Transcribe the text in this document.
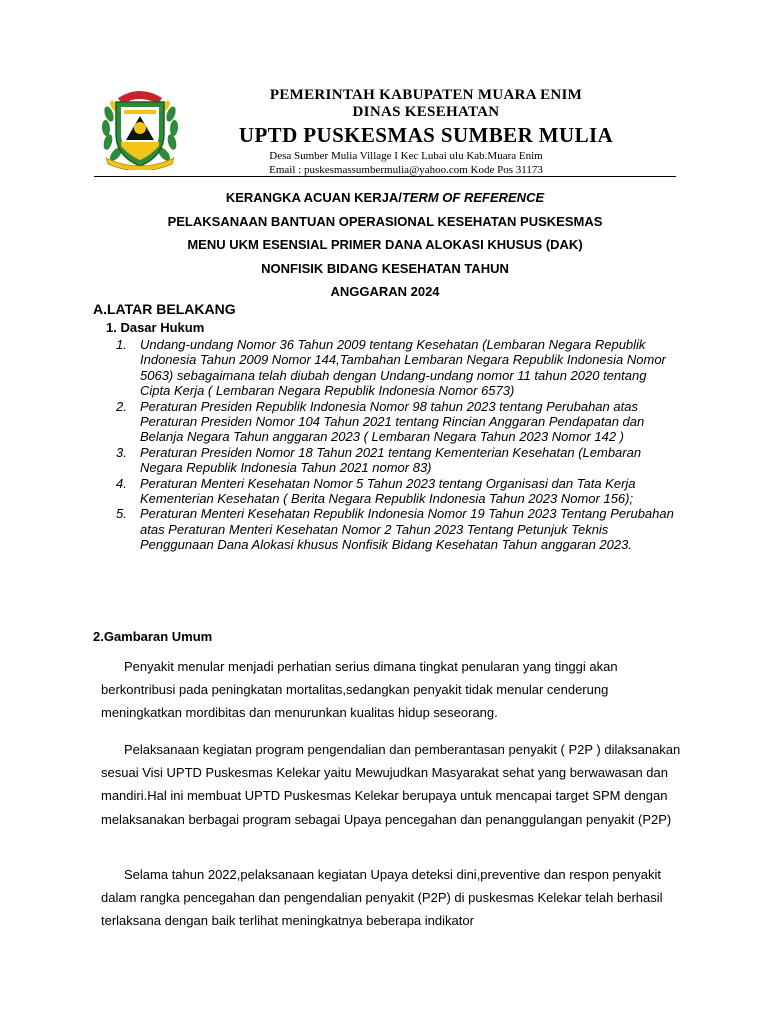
PEMERINTAH KABUPATEN MUARA ENIM
DINAS KESEHATAN
UPTD PUSKESMAS SUMBER MULIA
Desa Sumber Mulia Village I Kec Lubai ulu Kab.Muara Enim
Email : puskesmassumbermulia@yahoo.com Kode Pos 31173
KERANGKA ACUAN KERJA/TERM OF REFERENCE
PELAKSANAAN BANTUAN OPERASIONAL KESEHATAN PUSKESMAS
MENU UKM ESENSIAL PRIMER DANA ALOKASI KHUSUS (DAK)
NONFISIK BIDANG KESEHATAN TAHUN
ANGGARAN 2024
A.LATAR BELAKANG
1. Dasar Hukum
1. Undang-undang Nomor 36 Tahun 2009 tentang Kesehatan (Lembaran Negara Republik Indonesia Tahun 2009 Nomor 144,Tambahan Lembaran Negara Republik Indonesia Nomor 5063) sebagaimana telah diubah dengan Undang-undang nomor 11 tahun 2020 tentang Cipta Kerja ( Lembaran Negara Republik Indonesia Nomor 6573)
2. Peraturan Presiden Republik Indonesia Nomor 98 tahun 2023 tentang Perubahan atas Peraturan Presiden Nomor 104 Tahun 2021 tentang Rincian Anggaran Pendapatan dan Belanja Negara Tahun anggaran 2023 ( Lembaran Negara Tahun 2023 Nomor 142 )
3. Peraturan Presiden Nomor 18 Tahun 2021 tentang Kementerian Kesehatan (Lembaran Negara Republik Indonesia Tahun 2021 nomor 83)
4. Peraturan Menteri Kesehatan Nomor 5 Tahun 2023 tentang Organisasi dan Tata Kerja Kementerian Kesehatan ( Berita Negara Republik Indonesia Tahun 2023 Nomor 156);
5. Peraturan Menteri Kesehatan Republik Indonesia Nomor 19 Tahun 2023 Tentang Perubahan atas Peraturan Menteri Kesehatan Nomor 2 Tahun 2023 Tentang Petunjuk Teknis Penggunaan Dana Alokasi khusus Nonfisik Bidang Kesehatan Tahun anggaran 2023.
2.Gambaran Umum
Penyakit menular menjadi perhatian serius dimana tingkat penularan yang tinggi akan berkontribusi pada peningkatan mortalitas,sedangkan penyakit tidak menular cenderung meningkatkan mordibitas dan menurunkan kualitas hidup seseorang.
Pelaksanaan kegiatan program pengendalian dan pemberantasan penyakit ( P2P ) dilaksanakan sesuai Visi UPTD Puskesmas Kelekar yaitu Mewujudkan Masyarakat sehat yang berwawasan dan mandiri.Hal ini membuat UPTD Puskesmas Kelekar berupaya untuk mencapai target SPM dengan melaksanakan berbagai program sebagai Upaya pencegahan dan penanggulangan penyakit (P2P)
Selama tahun 2022,pelaksanaan kegiatan Upaya deteksi dini,preventive dan respon penyakit dalam rangka pencegahan dan pengendalian penyakit (P2P) di puskesmas Kelekar telah berhasil terlaksana dengan baik terlihat meningkatnya beberapa indikator
